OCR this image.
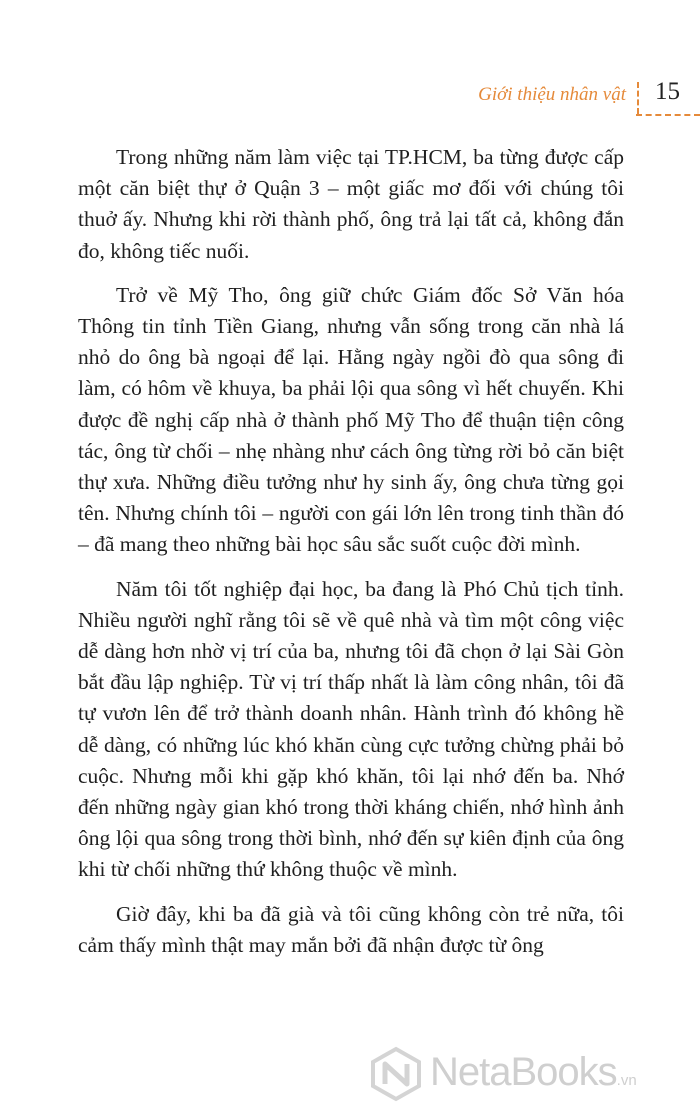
Giới thiệu nhân vật 15

Trong những năm làm việc tại TP.HCM, ba từng được cấp một căn biệt thự ở Quận 3 – một giấc mơ đối với chúng tôi thuở ấy. Nhưng khi rời thành phố, ông trả lại tất cả, không đắn đo, không tiếc nuối.

Trở về Mỹ Tho, ông giữ chức Giám đốc Sở Văn hóa Thông tin tỉnh Tiền Giang, nhưng vẫn sống trong căn nhà lá nhỏ do ông bà ngoại để lại. Hằng ngày ngồi đò qua sông đi làm, có hôm về khuya, ba phải lội qua sông vì hết chuyến. Khi được đề nghị cấp nhà ở thành phố Mỹ Tho để thuận tiện công tác, ông từ chối – nhẹ nhàng như cách ông từng rời bỏ căn biệt thự xưa. Những điều tưởng như hy sinh ấy, ông chưa từng gọi tên. Nhưng chính tôi – người con gái lớn lên trong tinh thần đó – đã mang theo những bài học sâu sắc suốt cuộc đời mình.

Năm tôi tốt nghiệp đại học, ba đang là Phó Chủ tịch tỉnh. Nhiều người nghĩ rằng tôi sẽ về quê nhà và tìm một công việc dễ dàng hơn nhờ vị trí của ba, nhưng tôi đã chọn ở lại Sài Gòn bắt đầu lập nghiệp. Từ vị trí thấp nhất là làm công nhân, tôi đã tự vươn lên để trở thành doanh nhân. Hành trình đó không hề dễ dàng, có những lúc khó khăn cùng cực tưởng chừng phải bỏ cuộc. Nhưng mỗi khi gặp khó khăn, tôi lại nhớ đến ba. Nhớ đến những ngày gian khó trong thời kháng chiến, nhớ hình ảnh ông lội qua sông trong thời bình, nhớ đến sự kiên định của ông khi từ chối những thứ không thuộc về mình.

Giờ đây, khi ba đã già và tôi cũng không còn trẻ nữa, tôi cảm thấy mình thật may mắn bởi đã nhận được từ ông

NetaBooks.vn
